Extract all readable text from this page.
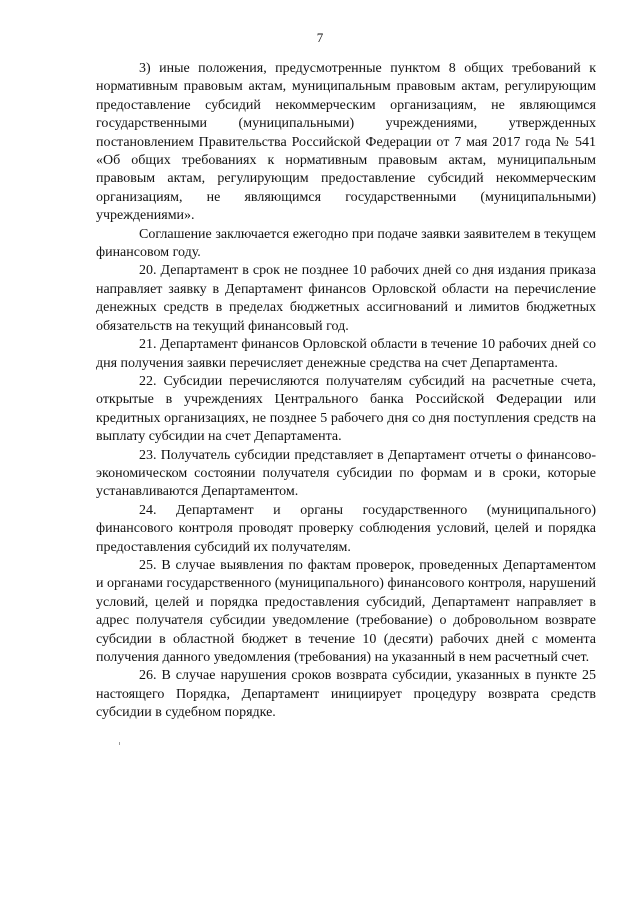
7

3) иные положения, предусмотренные пунктом 8 общих требований к нормативным правовым актам, муниципальным правовым актам, регулирующим предоставление субсидий некоммерческим организациям, не являющимся государственными (муниципальными) учреждениями, утвержденных постановлением Правительства Российской Федерации от 7 мая 2017 года № 541 «Об общих требованиях к нормативным правовым актам, муниципальным правовым актам, регулирующим предоставление субсидий некоммерческим организациям, не являющимся государственными (муниципальными) учреждениями».

Соглашение заключается ежегодно при подаче заявки заявителем в текущем финансовом году.

20. Департамент в срок не позднее 10 рабочих дней со дня издания приказа направляет заявку в Департамент финансов Орловской области на перечисление денежных средств в пределах бюджетных ассигнований и лимитов бюджетных обязательств на текущий финансовый год.

21. Департамент финансов Орловской области в течение 10 рабочих дней со дня получения заявки перечисляет денежные средства на счет Департамента.

22. Субсидии перечисляются получателям субсидий на расчетные счета, открытые в учреждениях Центрального банка Российской Федерации или кредитных организациях, не позднее 5 рабочего дня со дня поступления средств на выплату субсидии на счет Департамента.

23. Получатель субсидии представляет в Департамент отчеты о финансово-экономическом состоянии получателя субсидии по формам и в сроки, которые устанавливаются Департаментом.

24. Департамент и органы государственного (муниципального) финансового контроля проводят проверку соблюдения условий, целей и порядка предоставления субсидий их получателям.

25. В случае выявления по фактам проверок, проведенных Департаментом и органами государственного (муниципального) финансового контроля, нарушений условий, целей и порядка предоставления субсидий, Департамент направляет в адрес получателя субсидии уведомление (требование) о добровольном возврате субсидии в областной бюджет в течение 10 (десяти) рабочих дней с момента получения данного уведомления (требования) на указанный в нем расчетный счет.

26. В случае нарушения сроков возврата субсидии, указанных в пункте 25 настоящего Порядка, Департамент инициирует процедуру возврата средств субсидии в судебном порядке.
